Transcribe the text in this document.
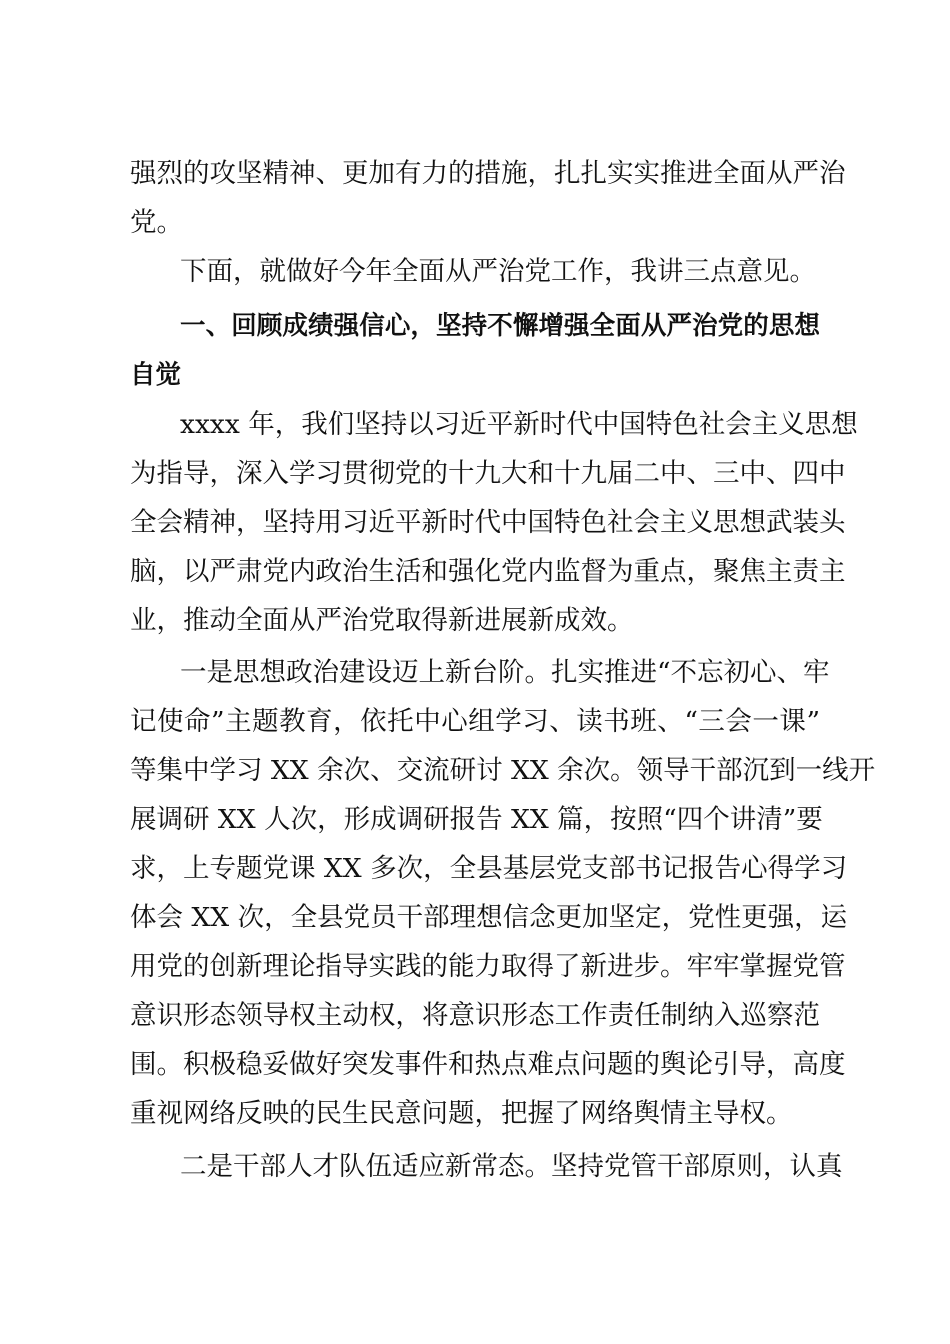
强烈的攻坚精神、更加有力的措施，扎扎实实推进全面从严治
党。
下面，就做好今年全面从严治党工作，我讲三点意见。
一、回顾成绩强信心，坚持不懈增强全面从严治党的思想
自觉
xxxx 年，我们坚持以习近平新时代中国特色社会主义思想
为指导，深入学习贯彻党的十九大和十九届二中、三中、四中
全会精神，坚持用习近平新时代中国特色社会主义思想武装头
脑，以严肃党内政治生活和强化党内监督为重点，聚焦主责主
业，推动全面从严治党取得新进展新成效。
一是思想政治建设迈上新台阶。扎实推进“不忘初心、牢
记使命”主题教育，依托中心组学习、读书班、“三会一课”
等集中学习 XX 余次、交流研讨 XX 余次。领导干部沉到一线开
展调研 XX 人次，形成调研报告 XX 篇，按照“四个讲清”要
求，上专题党课 XX 多次，全县基层党支部书记报告心得学习
体会 XX 次，全县党员干部理想信念更加坚定，党性更强，运
用党的创新理论指导实践的能力取得了新进步。牢牢掌握党管
意识形态领导权主动权，将意识形态工作责任制纳入巡察范
围。积极稳妥做好突发事件和热点难点问题的舆论引导，高度
重视网络反映的民生民意问题，把握了网络舆情主导权。
二是干部人才队伍适应新常态。坚持党管干部原则，认真
